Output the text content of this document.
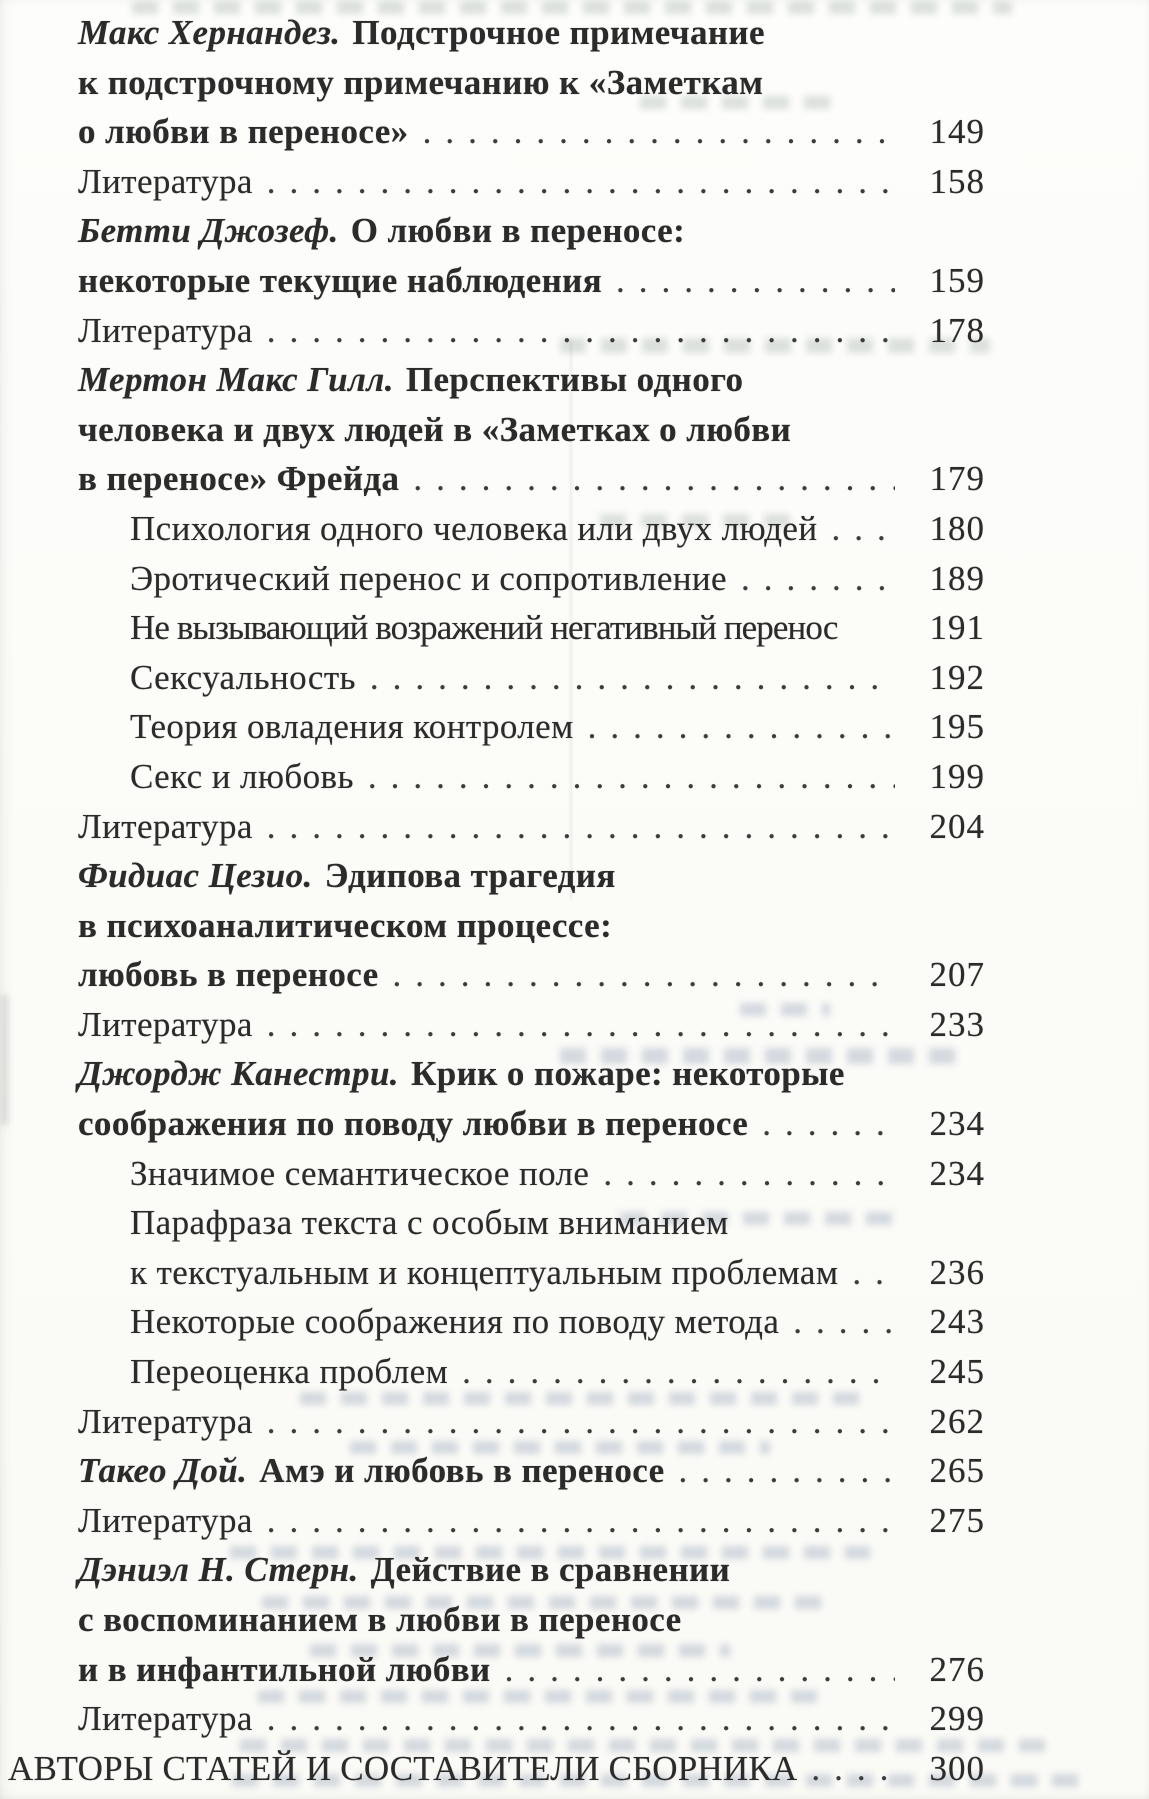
Макс Хернандез. Подстрочное примечание
к подстрочному примечанию к «Заметкам
о любви в переносе» .....	149
Литература .....	158
Бетти Джозеф. О любви в переносе:
некоторые текущие наблюдения .....	159
Литература .....	178
Мертон Макс Гилл. Перспективы одного
человека и двух людей в «Заметках о любви
в переносе» Фрейда .....	179
Психология одного человека или двух людей .....	180
Эротический перенос и сопротивление .....	189
Не вызывающий возражений негативный перенос	191
Сексуальность .....	192
Теория овладения контролем .....	195
Секс и любовь .....	199
Литература .....	204
Фидиас Цезио. Эдипова трагедия
в психоаналитическом процессе:
любовь в переносе .....	207
Литература .....	233
Джордж Канестри. Крик о пожаре: некоторые
соображения по поводу любви в переносе .....	234
Значимое семантическое поле .....	234
Парафраза текста с особым вниманием
к текстуальным и концептуальным проблемам .....	236
Некоторые соображения по поводу метода .....	243
Переоценка проблем .....	245
Литература .....	262
Такео Дой. Амэ и любовь в переносе .....	265
Литература .....	275
Дэниэл Н. Стерн. Действие в сравнении
с воспоминанием в любви в переносе
и в инфантильной любви .....	276
Литература .....	299
АВТОРЫ СТАТЕЙ И СОСТАВИТЕЛИ СБОРНИКА .....	300
